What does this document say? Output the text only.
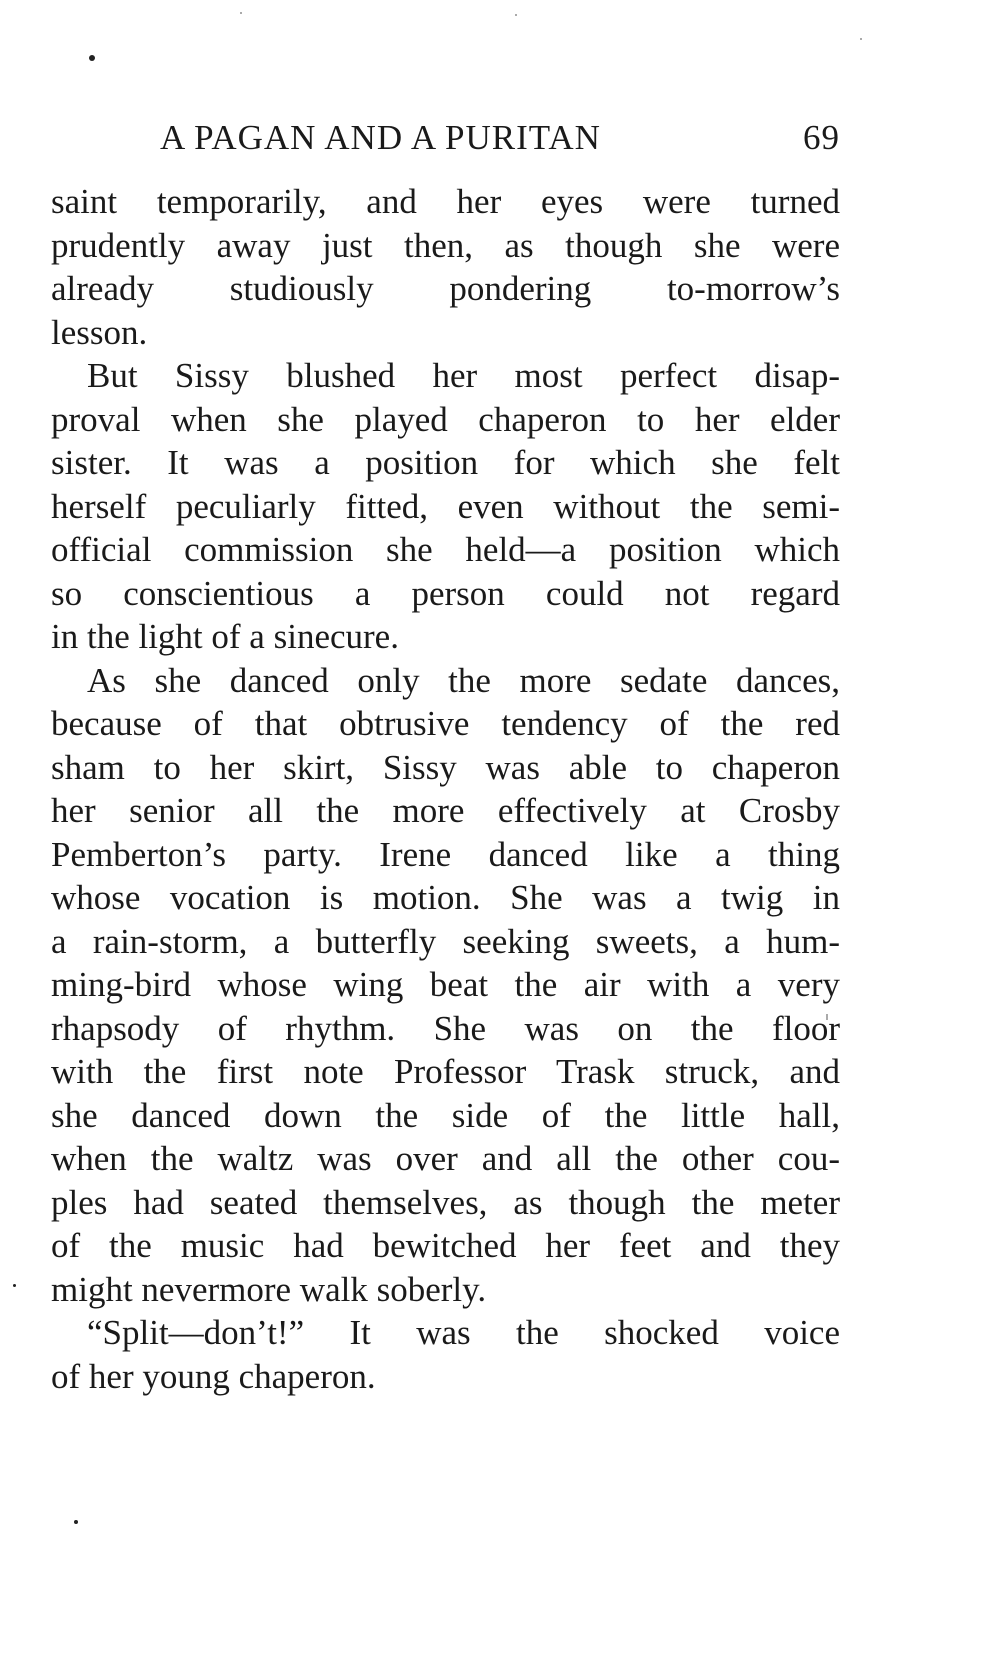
A PAGAN AND A PURITAN	69
saint temporarily, and her eyes were turned
prudently away just then, as though she were
already studiously pondering to-morrow’s
lesson.
But Sissy blushed her most perfect disap-
proval when she played chaperon to her elder
sister. It was a position for which she felt
herself peculiarly fitted, even without the semi-
official commission she held—a position which
so conscientious a person could not regard
in the light of a sinecure.
As she danced only the more sedate dances,
because of that obtrusive tendency of the red
sham to her skirt, Sissy was able to chaperon
her senior all the more effectively at Crosby
Pemberton’s party. Irene danced like a thing
whose vocation is motion. She was a twig in
a rain-storm, a butterfly seeking sweets, a hum-
ming-bird whose wing beat the air with a very
rhapsody of rhythm. She was on the floor
with the first note Professor Trask struck, and
she danced down the side of the little hall,
when the waltz was over and all the other cou-
ples had seated themselves, as though the meter
of the music had bewitched her feet and they
might nevermore walk soberly.
“Split—don’t!” It was the shocked voice
of her young chaperon.
